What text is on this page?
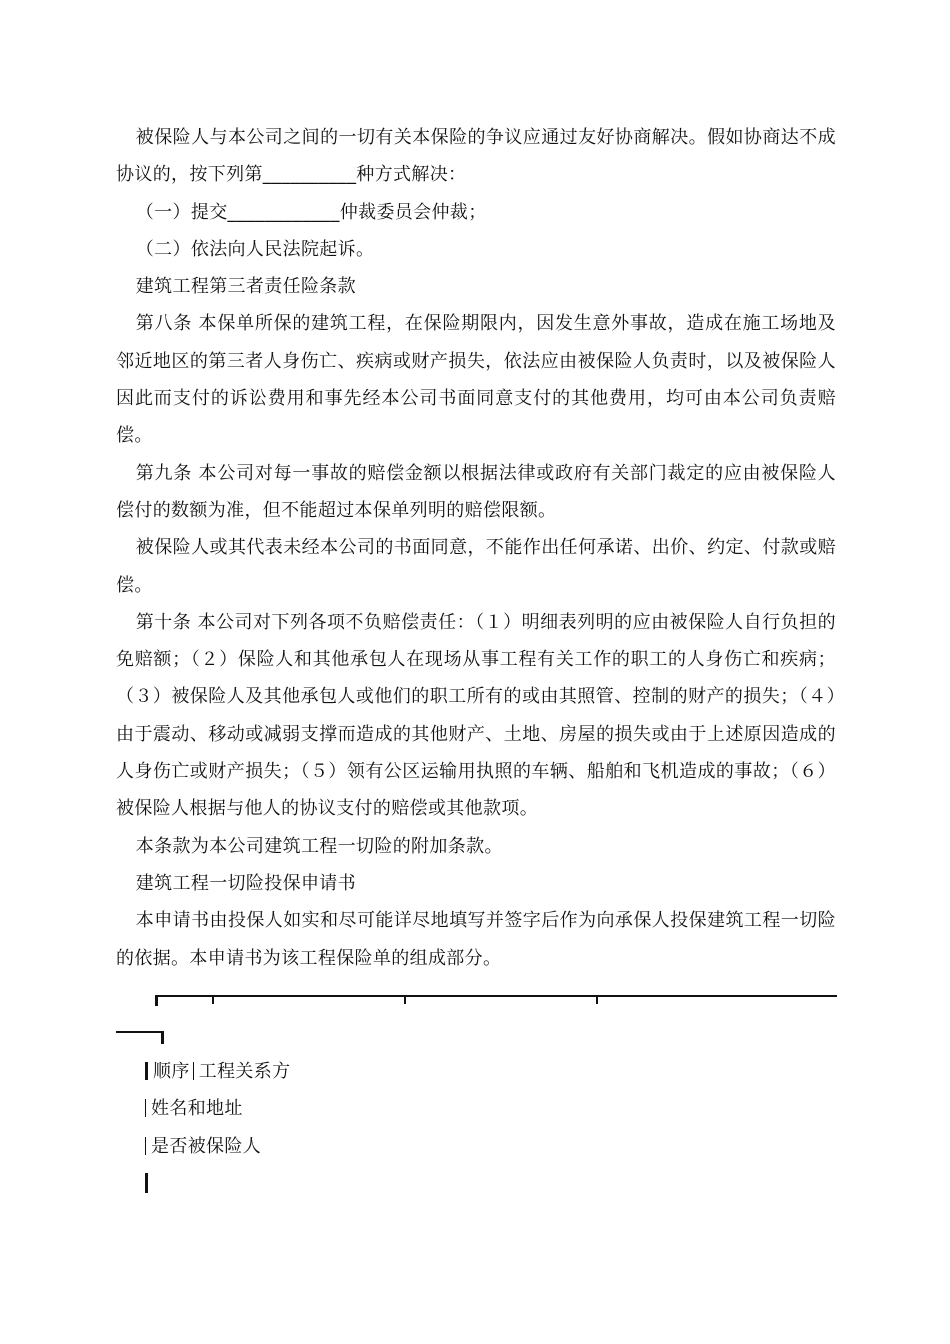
被保险人与本公司之间的一切有关本保险的争议应通过友好协商解决。假如协商达不成协议的，按下列第__________种方式解决：

（一）提交____________仲裁委员会仲裁；

（二）依法向人民法院起诉。

建筑工程第三者责任险条款

第八条 本保单所保的建筑工程，在保险期限内，因发生意外事故，造成在施工场地及邻近地区的第三者人身伤亡、疾病或财产损失，依法应由被保险人负责时，以及被保险人因此而支付的诉讼费用和事先经本公司书面同意支付的其他费用，均可由本公司负责赔偿。

第九条 本公司对每一事故的赔偿金额以根据法律或政府有关部门裁定的应由被保险人偿付的数额为准，但不能超过本保单列明的赔偿限额。

被保险人或其代表未经本公司的书面同意，不能作出任何承诺、出价、约定、付款或赔偿。

第十条 本公司对下列各项不负赔偿责任：（１）明细表列明的应由被保险人自行负担的免赔额；（２）保险人和其他承包人在现场从事工程有关工作的职工的人身伤亡和疾病；（３）被保险人及其他承包人或他们的职工所有的或由其照管、控制的财产的损失；（４）由于震动、移动或减弱支撑而造成的其他财产、土地、房屋的损失或由于上述原因造成的人身伤亡或财产损失；（５）领有公区运输用执照的车辆、船舶和飞机造成的事故；（６）被保险人根据与他人的协议支付的赔偿或其他款项。

本条款为本公司建筑工程一切险的附加条款。

建筑工程一切险投保申请书

本申请书由投保人如实和尽可能详尽地填写并签字后作为向承保人投保建筑工程一切险的依据。本申请书为该工程保险单的组成部分。

顺序 工程关系方
姓名和地址
是否被保险人
